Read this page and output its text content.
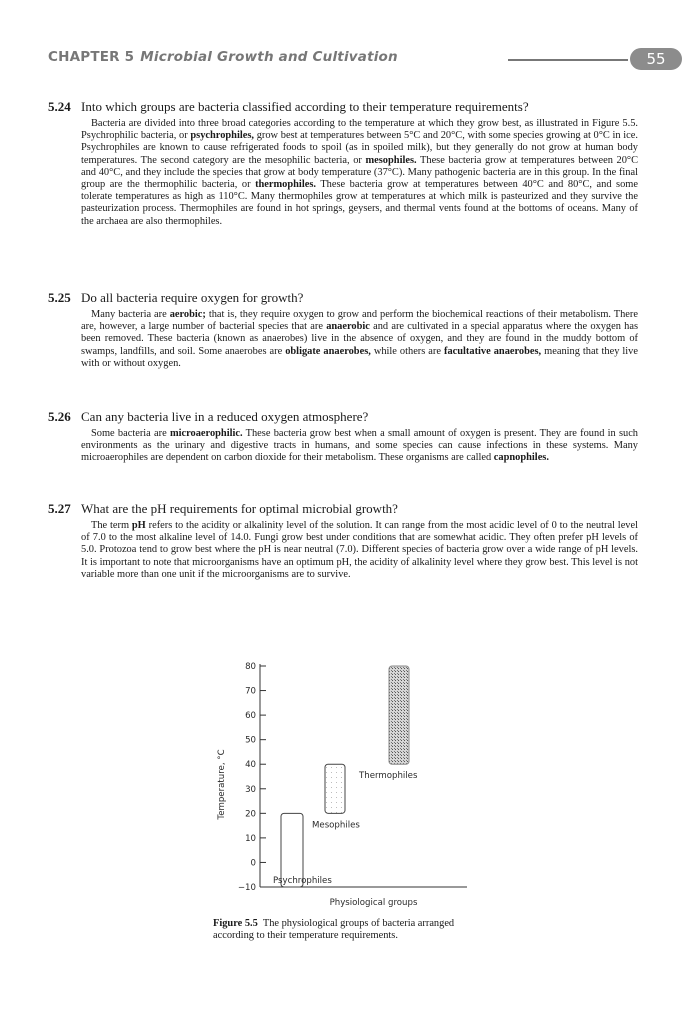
CHAPTER 5 Microbial Growth and Cultivation	55
5.24 Into which groups are bacteria classified according to their temperature requirements?
Bacteria are divided into three broad categories according to the temperature at which they grow best, as illustrated in Figure 5.5. Psychrophilic bacteria, or psychrophiles, grow best at temperatures between 5°C and 20°C, with some species growing at 0°C in ice. Psychrophiles are known to cause refrigerated foods to spoil (as in spoiled milk), but they generally do not grow at human body temperatures. The second category are the mesophilic bacteria, or mesophiles. These bacteria grow at temperatures between 20°C and 40°C, and they include the species that grow at body temperature (37°C). Many pathogenic bacteria are in this group. In the final group are the thermophilic bacteria, or thermophiles. These bacteria grow at temperatures between 40°C and 80°C, and some tolerate temperatures as high as 110°C. Many thermophiles grow at temperatures at which milk is pasteurized and they survive the pasteurization process. Thermophiles are found in hot springs, geysers, and thermal vents found at the bottoms of oceans. Many of the archaea are also thermophiles.
5.25 Do all bacteria require oxygen for growth?
Many bacteria are aerobic; that is, they require oxygen to grow and perform the biochemical reactions of their metabolism. There are, however, a large number of bacterial species that are anaerobic and are cultivated in a special apparatus where the oxygen has been removed. These bacteria (known as anaerobes) live in the absence of oxygen, and they are found in the muddy bottom of swamps, landfills, and soil. Some anaerobes are obligate anaerobes, while others are facultative anaerobes, meaning that they live with or without oxygen.
5.26 Can any bacteria live in a reduced oxygen atmosphere?
Some bacteria are microaerophilic. These bacteria grow best when a small amount of oxygen is present. They are found in such environments as the urinary and digestive tracts in humans, and some species can cause infections in these systems. Many microaerophiles are dependent on carbon dioxide for their metabolism. These organisms are called capnophiles.
5.27 What are the pH requirements for optimal microbial growth?
The term pH refers to the acidity or alkalinity level of the solution. It can range from the most acidic level of 0 to the neutral level of 7.0 to the most alkaline level of 14.0. Fungi grow best under conditions that are somewhat acidic. They often prefer pH levels of 5.0. Protozoa tend to grow best where the pH is near neutral (7.0). Different species of bacteria grow over a wide range of pH levels. It is important to note that microorganisms have an optimum pH, the acidity of alkalinity level where they grow best. This level is not variable more than one unit if the microorganisms are to survive.
−10
0
10
20
30
40
50
60
70
80
Temperature, °C
Physiological groups
Psychrophiles
Mesophiles
Thermophiles
Figure 5.5 The physiological groups of bacteria arranged according to their temperature requirements.
